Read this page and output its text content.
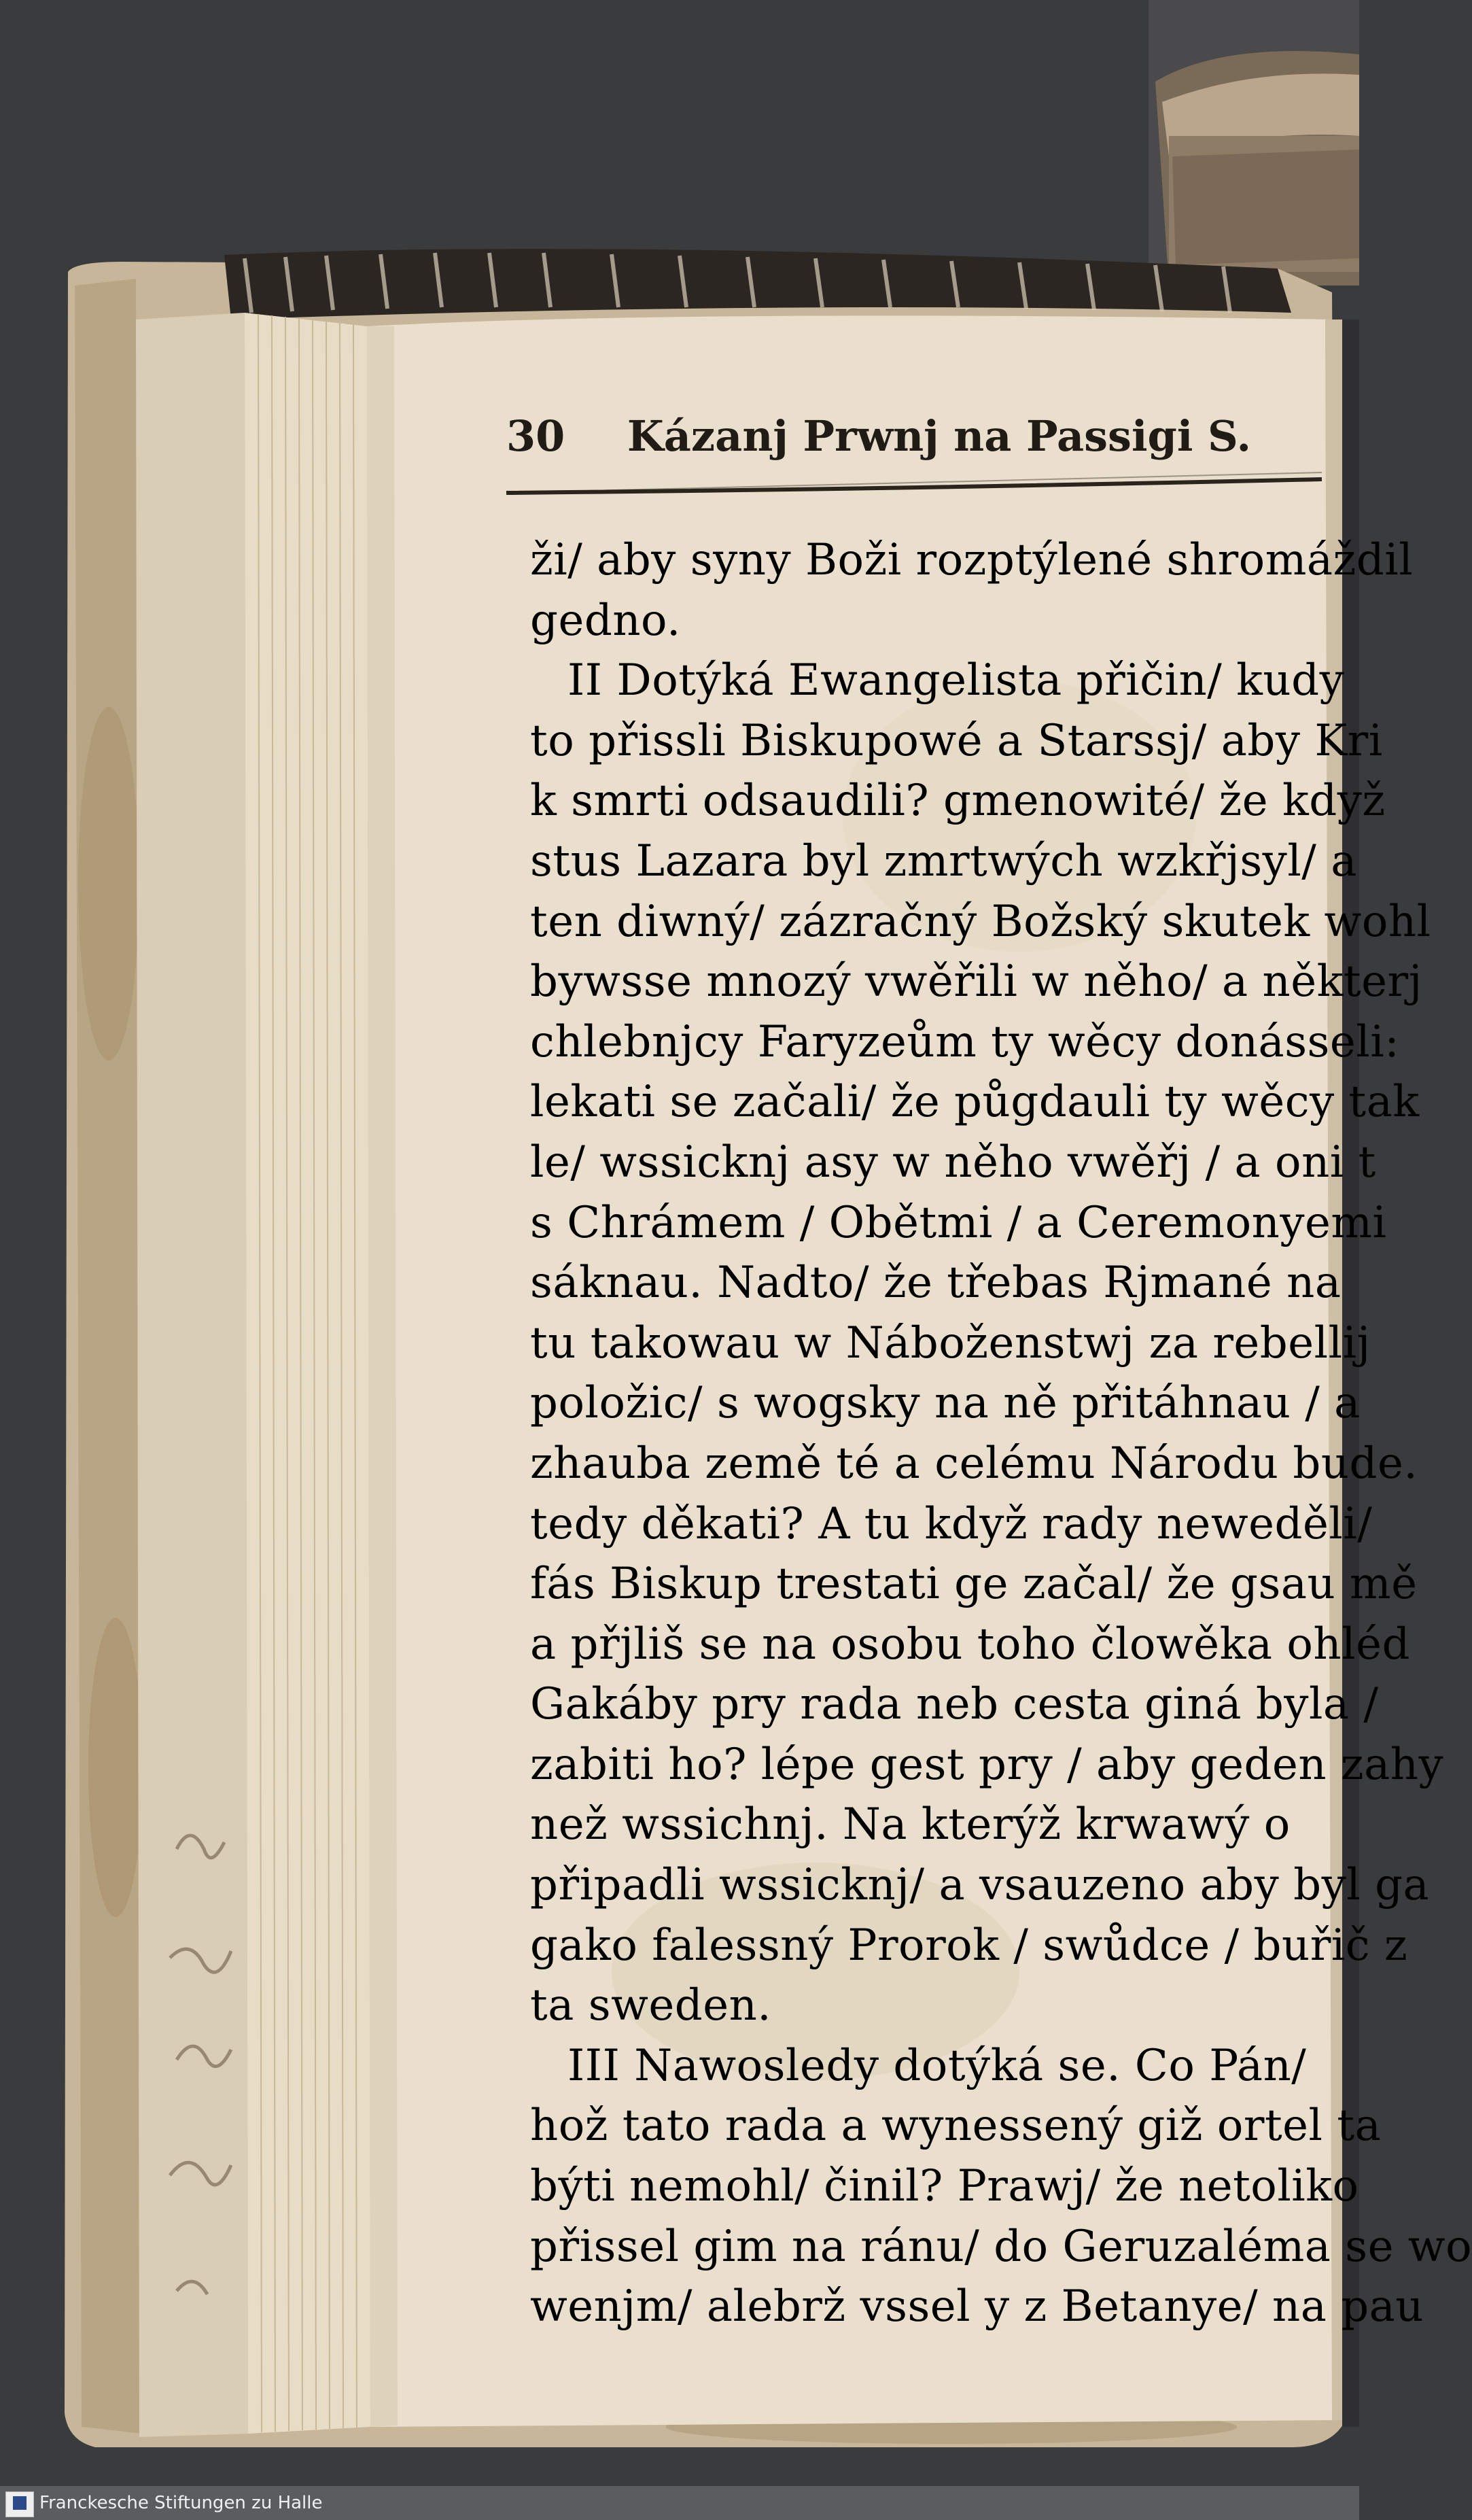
30 Kázanj Prwnj na Passigi S.
ži/ aby syny Boži rozptýlené shromáždil
gedno.
II Dotýká Ewangelista přičin/ kudy
to přissli Biskupowé a Starssj/ aby Kri
k smrti odsaudili? gmenowité/ že když
stus Lazara byl zmrtwých wzkřjsyl/ a
ten diwný/ zázračný Božský skutek wohl
bywsse mnozý vwěřili w něho/ a některj
chlebnjcy Faryzeům ty wěcy donásseli:
lekati se začali/ že půgdauli ty wěcy tak
le/ wssicknj asy w něho vwěřj / a oni t
s Chrámem / Obětmi / a Ceremonyemi
sáknau. Nadto/ že třebas Rjmané na
tu takowau w Náboženstwj za rebellij
položic/ s wogsky na ně přitáhnau / a
zhauba země té a celému Národu bude.
tedy děkati? A tu když rady neweděli/
fás Biskup trestati ge začal/ že gsau mě
a přjliš se na osobu toho člowěka ohléd
Gakáby pry rada neb cesta giná byla /
zabiti ho? lépe gest pry / aby geden zahy
než wssichnj. Na kterýž krwawý o
připadli wssicknj/ a vsauzeno aby byl ga
gako falessný Prorok / swůdce / buřič z
ta sweden.
III Nawosledy dotýká se. Co Pán/
hož tato rada a wynessený giž ortel ta
býti nemohl/ činil? Prawj/ že netoliko
přissel gim na ránu/ do Geruzaléma se wo
wenjm/ alebrž vssel y z Betanye/ na pau
Franckesche Stiftungen zu Halle
